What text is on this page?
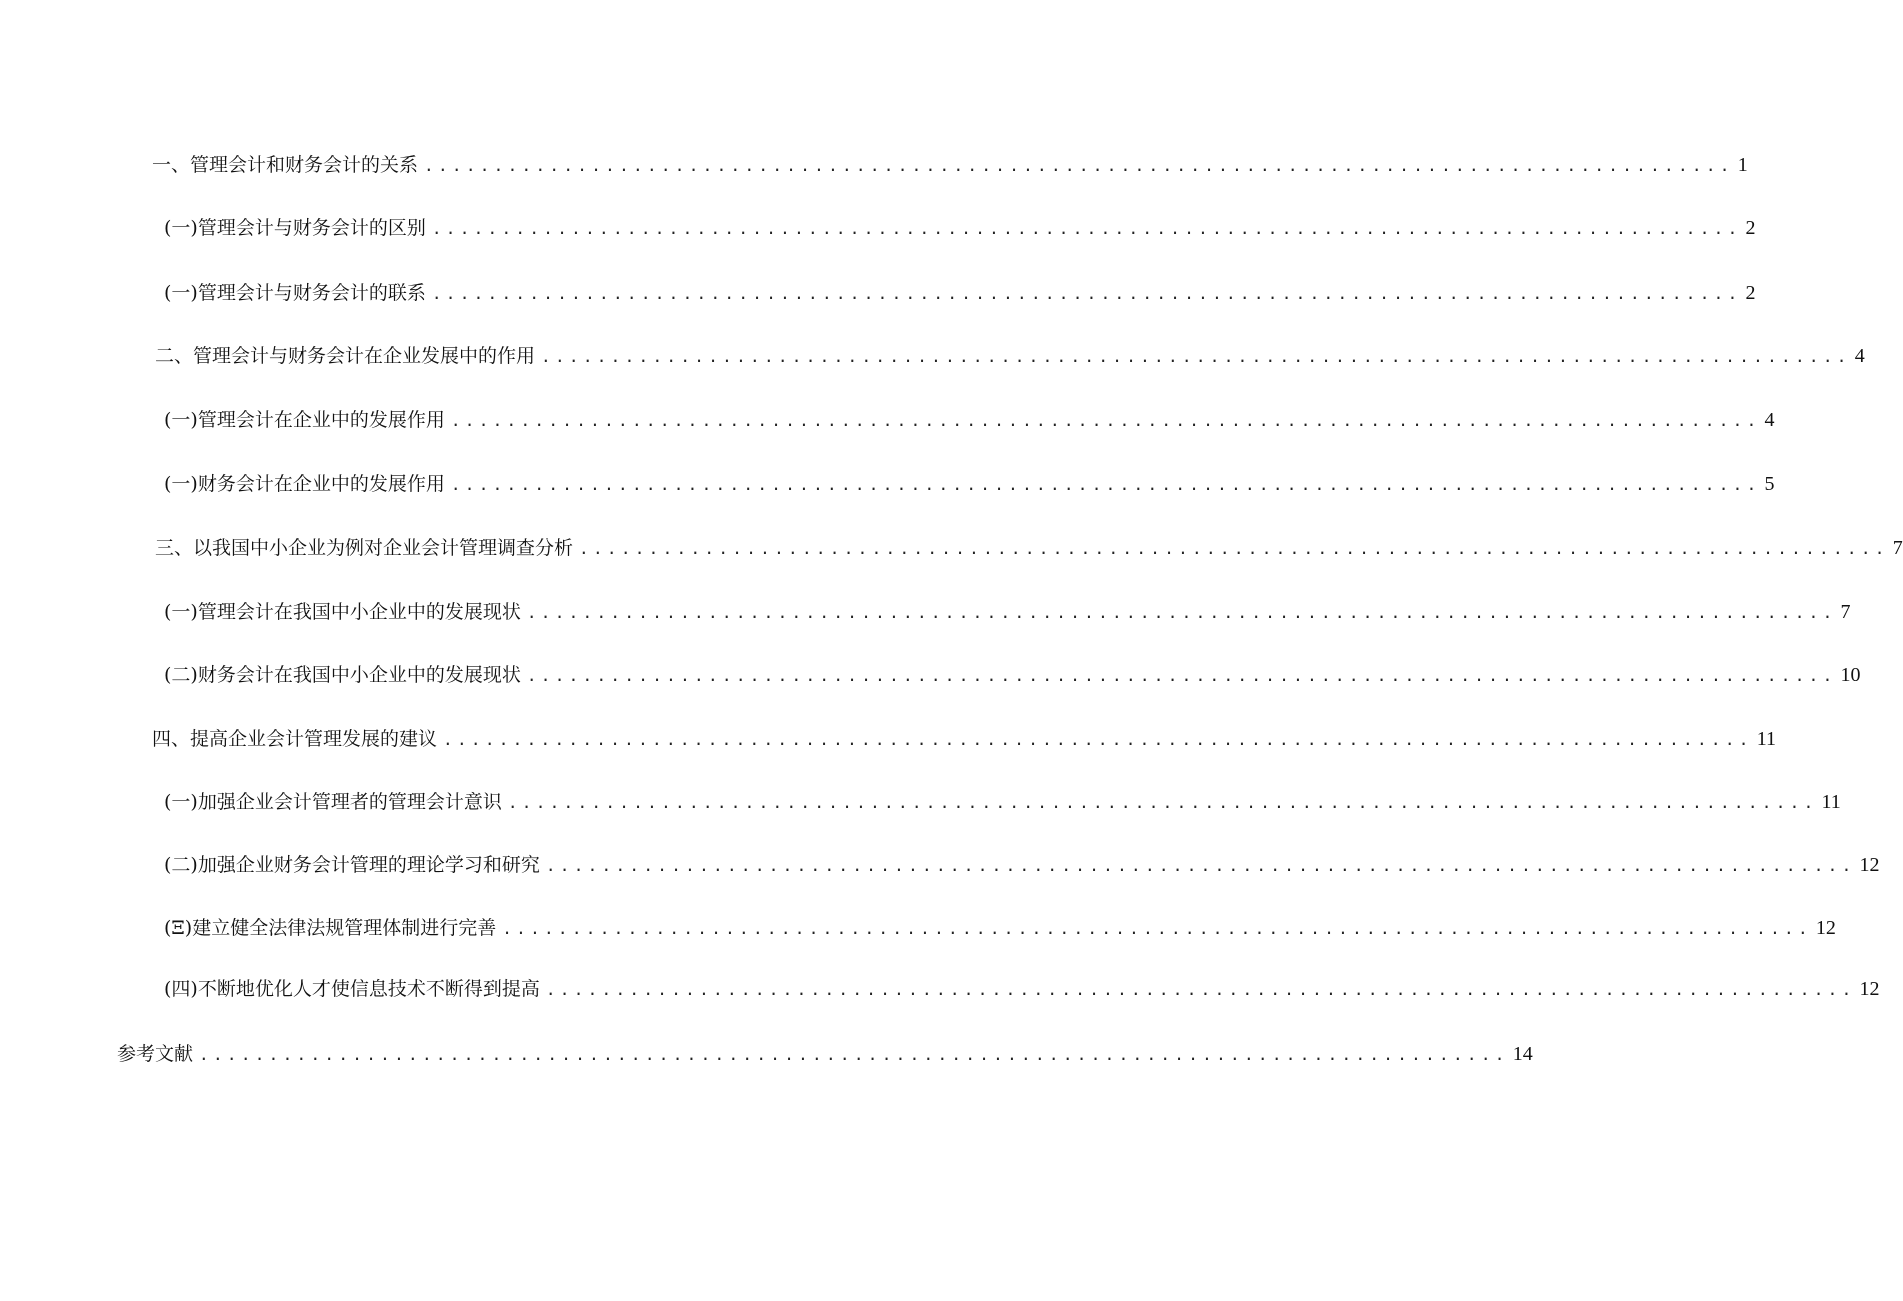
一、管理会计和财务会计的关系 .............................................................................................. 1
(一)管理会计与财务会计的区别 .............................................................................................. 2
(一)管理会计与财务会计的联系 .............................................................................................. 2
二、管理会计与财务会计在企业发展中的作用 .............................................................................................. 4
(一)管理会计在企业中的发展作用 .............................................................................................. 4
(一)财务会计在企业中的发展作用 .............................................................................................. 5
三、以我国中小企业为例对企业会计管理调查分析 .............................................................................................. 7
(一)管理会计在我国中小企业中的发展现状 .............................................................................................. 7
(二)财务会计在我国中小企业中的发展现状 .............................................................................................. 10
四、提高企业会计管理发展的建议 .............................................................................................. 11
(一)加强企业会计管理者的管理会计意识 .............................................................................................. 11
(二)加强企业财务会计管理的理论学习和研究 .............................................................................................. 12
(Ξ)建立健全法律法规管理体制进行完善 .............................................................................................. 12
(四)不断地优化人才使信息技术不断得到提高 .............................................................................................. 12
参考文献 .............................................................................................. 14
